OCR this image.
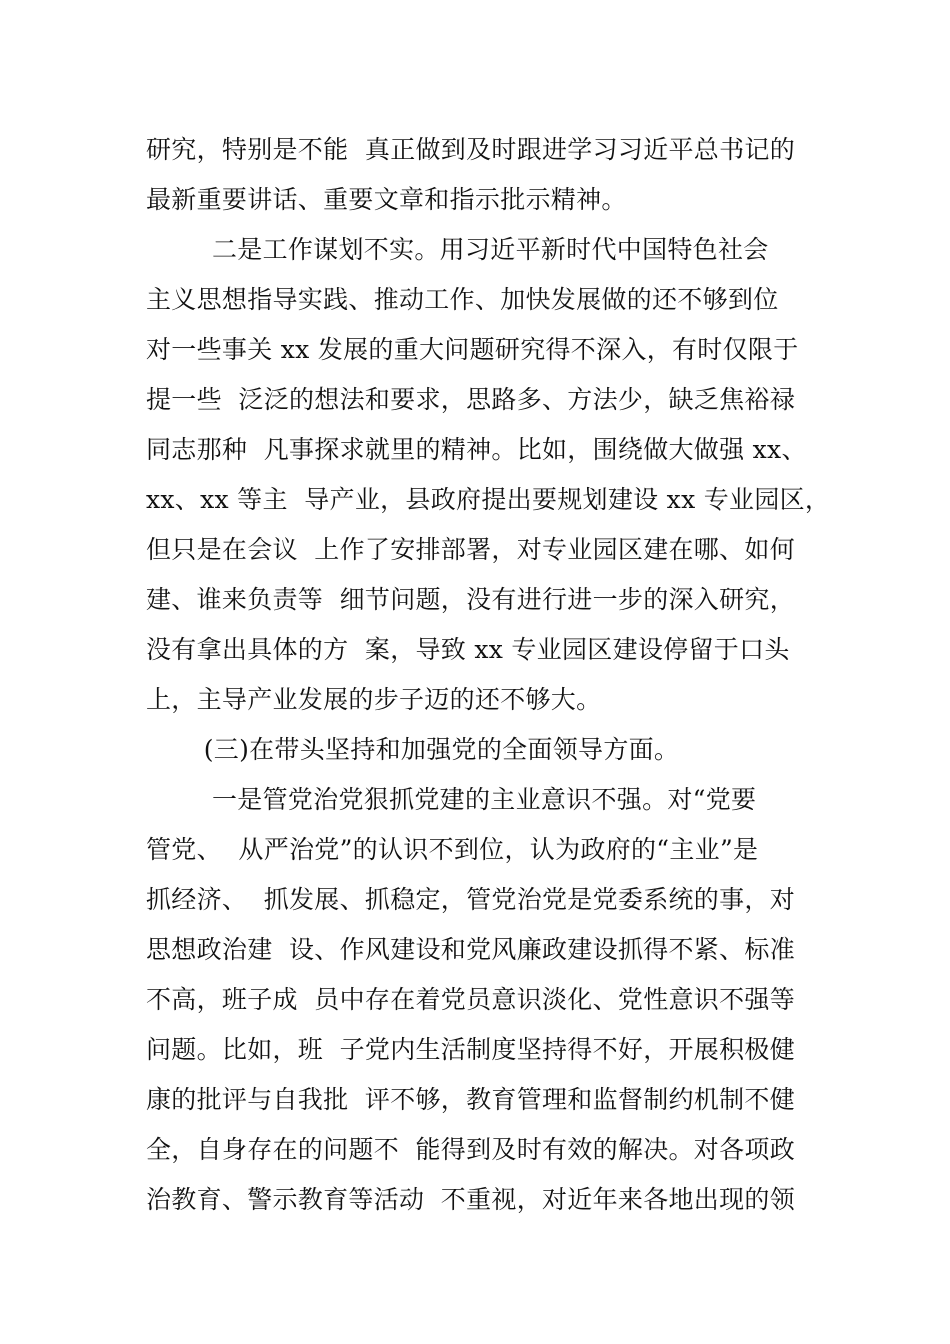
研究，特别是不能  真正做到及时跟进学习习近平总书记的
最新重要讲话、重要文章和指示批示精神。
二是工作谋划不实。用习近平新时代中国特色社会
主义思想指导实践、推动工作、加快发展做的还不够到位
对一些事关 xx 发展的重大问题研究得不深入，有时仅限于
提一些  泛泛的想法和要求，思路多、方法少，缺乏焦裕禄
同志那种  凡事探求就里的精神。比如，围绕做大做强 xx、
xx、xx 等主  导产业，县政府提出要规划建设 xx 专业园区，
但只是在会议  上作了安排部署，对专业园区建在哪、如何
建、谁来负责等  细节问题，没有进行进一步的深入研究，
没有拿出具体的方  案，导致 xx 专业园区建设停留于口头
上，主导产业发展的步子迈的还不够大。
(三)在带头坚持和加强党的全面领导方面。
一是管党治党狠抓党建的主业意识不强。对“党要
管党、  从严治党”的认识不到位，认为政府的“主业”是
抓经济、  抓发展、抓稳定，管党治党是党委系统的事，对
思想政治建  设、作风建设和党风廉政建设抓得不紧、标准
不高，班子成  员中存在着党员意识淡化、党性意识不强等
问题。比如，班  子党内生活制度坚持得不好，开展积极健
康的批评与自我批  评不够，教育管理和监督制约机制不健
全，自身存在的问题不  能得到及时有效的解决。对各项政
治教育、警示教育等活动  不重视，对近年来各地出现的领
